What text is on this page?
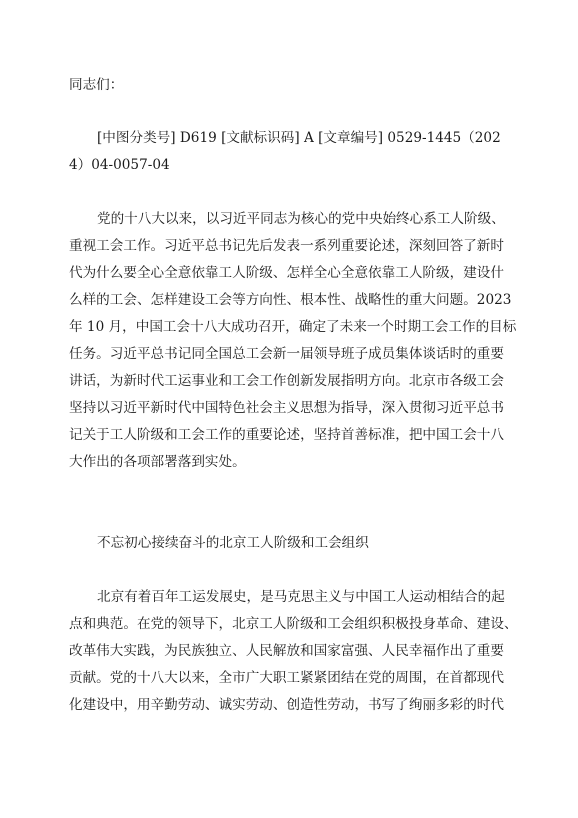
同志们：
[中图分类号] D619 [文献标识码] A [文章编号] 0529-1445（202
4）04-0057-04
党的十八大以来，以习近平同志为核心的党中央始终心系工人阶级、
重视工会工作。习近平总书记先后发表一系列重要论述，深刻回答了新时
代为什么要全心全意依靠工人阶级、怎样全心全意依靠工人阶级，建设什
么样的工会、怎样建设工会等方向性、根本性、战略性的重大问题。2023
年 10 月，中国工会十八大成功召开，确定了未来一个时期工会工作的目标
任务。习近平总书记同全国总工会新一届领导班子成员集体谈话时的重要
讲话，为新时代工运事业和工会工作创新发展指明方向。北京市各级工会
坚持以习近平新时代中国特色社会主义思想为指导，深入贯彻习近平总书
记关于工人阶级和工会工作的重要论述，坚持首善标准，把中国工会十八
大作出的各项部署落到实处。
不忘初心接续奋斗的北京工人阶级和工会组织
北京有着百年工运发展史，是马克思主义与中国工人运动相结合的起
点和典范。在党的领导下，北京工人阶级和工会组织积极投身革命、建设、
改革伟大实践，为民族独立、人民解放和国家富强、人民幸福作出了重要
贡献。党的十八大以来，全市广大职工紧紧团结在党的周围，在首都现代
化建设中，用辛勤劳动、诚实劳动、创造性劳动，书写了绚丽多彩的时代
